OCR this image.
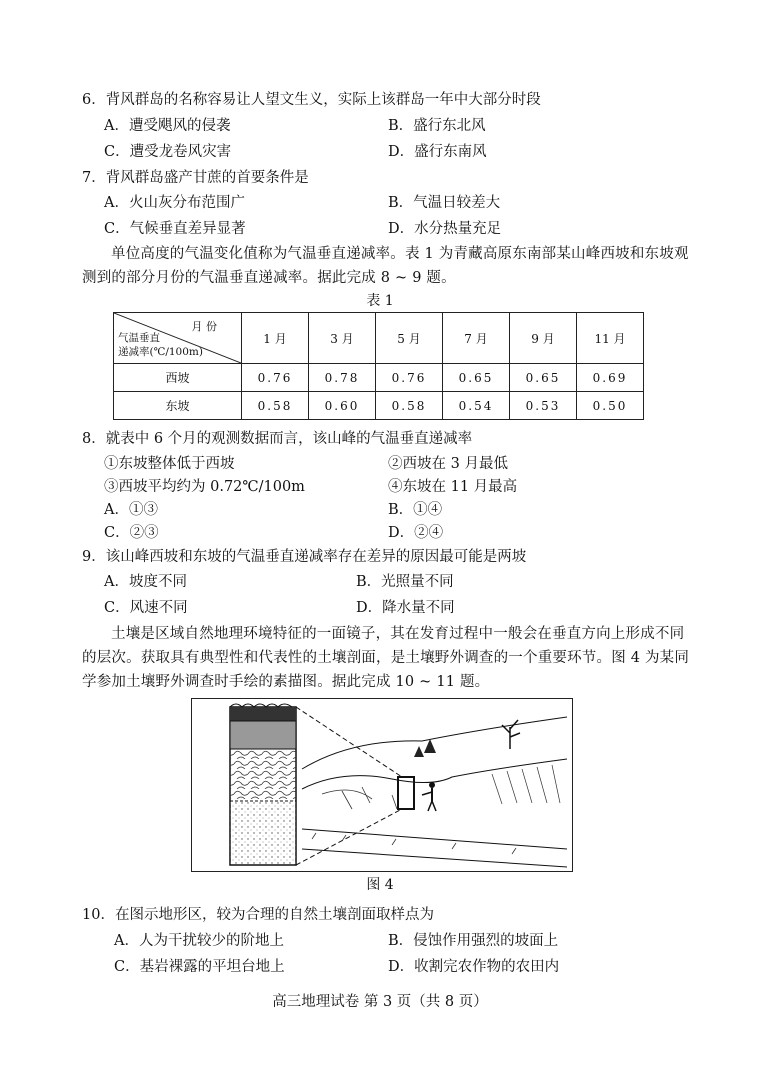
6．背风群岛的名称容易让人望文生义，实际上该群岛一年中大部分时段
A．遭受飓风的侵袭	B．盛行东北风
C．遭受龙卷风灾害	D．盛行东南风
7．背风群岛盛产甘蔗的首要条件是
A．火山灰分布范围广	B．气温日较差大
C．气候垂直差异显著	D．水分热量充足
单位高度的气温变化值称为气温垂直递减率。表 1 为青藏高原东南部某山峰西坡和东坡观测到的部分月份的气温垂直递减率。据此完成 8 ~ 9 题。
表 1
月 份
气温垂直
递减率(℃/100m)	1 月	3 月	5 月	7 月	9 月	11 月
西坡	0.76	0.78	0.76	0.65	0.65	0.69
东坡	0.58	0.60	0.58	0.54	0.53	0.50
8．就表中 6 个月的观测数据而言，该山峰的气温垂直递减率
①东坡整体低于西坡	②西坡在 3 月最低
③西坡平均约为 0.72℃/100m	④东坡在 11 月最高
A．①③	B．①④
C．②③	D．②④
9．该山峰西坡和东坡的气温垂直递减率存在差异的原因最可能是两坡
A．坡度不同	B．光照量不同
C．风速不同	D．降水量不同
土壤是区域自然地理环境特征的一面镜子，其在发育过程中一般会在垂直方向上形成不同的层次。获取具有典型性和代表性的土壤剖面，是土壤野外调查的一个重要环节。图 4 为某同学参加土壤野外调查时手绘的素描图。据此完成 10 ~ 11 题。
图 4
10．在图示地形区，较为合理的自然土壤剖面取样点为
A．人为干扰较少的阶地上	B．侵蚀作用强烈的坡面上
C．基岩裸露的平坦台地上	D．收割完农作物的农田内
高三地理试卷 第 3 页（共 8 页）
